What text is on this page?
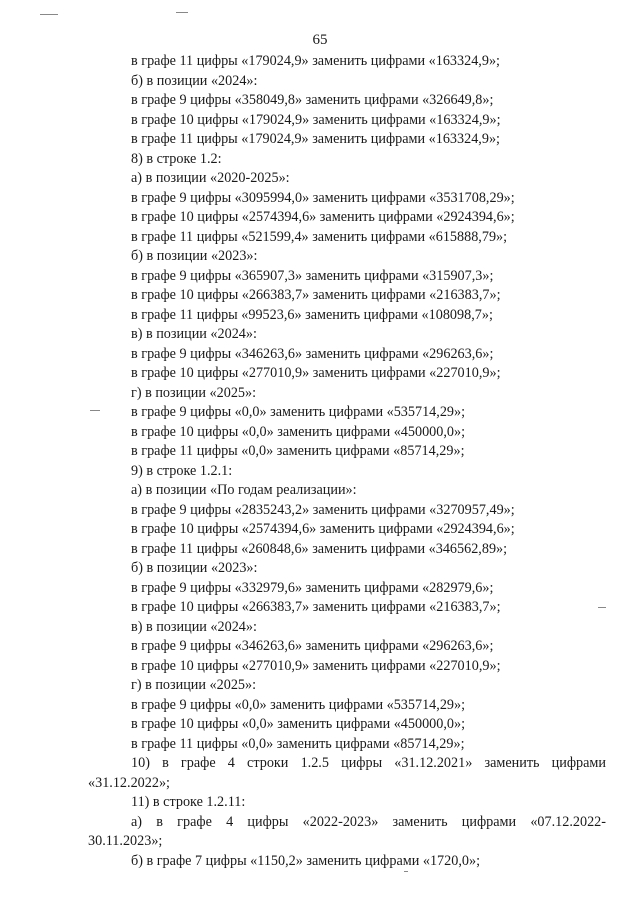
65
в графе 11 цифры «179024,9» заменить цифрами «163324,9»;
б) в позиции «2024»:
в графе 9 цифры «358049,8» заменить цифрами «326649,8»;
в графе 10 цифры «179024,9» заменить цифрами «163324,9»;
в графе 11 цифры «179024,9» заменить цифрами «163324,9»;
8) в строке 1.2:
а) в позиции «2020-2025»:
в графе 9 цифры «3095994,0» заменить цифрами «3531708,29»;
в графе 10 цифры «2574394,6» заменить цифрами «2924394,6»;
в графе 11 цифры «521599,4» заменить цифрами «615888,79»;
б) в позиции «2023»:
в графе 9 цифры «365907,3» заменить цифрами «315907,3»;
в графе 10 цифры «266383,7» заменить цифрами «216383,7»;
в графе 11 цифры «99523,6» заменить цифрами «108098,7»;
в) в позиции «2024»:
в графе 9 цифры «346263,6» заменить цифрами «296263,6»;
в графе 10 цифры «277010,9» заменить цифрами «227010,9»;
г) в позиции «2025»:
в графе 9 цифры «0,0» заменить цифрами «535714,29»;
в графе 10 цифры «0,0» заменить цифрами «450000,0»;
в графе 11 цифры «0,0» заменить цифрами «85714,29»;
9) в строке 1.2.1:
а) в позиции «По годам реализации»:
в графе 9 цифры «2835243,2» заменить цифрами «3270957,49»;
в графе 10 цифры «2574394,6» заменить цифрами «2924394,6»;
в графе 11 цифры «260848,6» заменить цифрами «346562,89»;
б) в позиции «2023»:
в графе 9 цифры «332979,6» заменить цифрами «282979,6»;
в графе 10 цифры «266383,7» заменить цифрами «216383,7»;
в) в позиции «2024»:
в графе 9 цифры «346263,6» заменить цифрами «296263,6»;
в графе 10 цифры «277010,9» заменить цифрами «227010,9»;
г) в позиции «2025»:
в графе 9 цифры «0,0» заменить цифрами «535714,29»;
в графе 10 цифры «0,0» заменить цифрами «450000,0»;
в графе 11 цифры «0,0» заменить цифрами «85714,29»;
10) в графе 4 строки 1.2.5 цифры «31.12.2021» заменить цифрами
«31.12.2022»;
11) в строке 1.2.11:
а) в графе 4 цифры «2022-2023» заменить цифрами «07.12.2022-
30.11.2023»;
б) в графе 7 цифры «1150,2» заменить цифрами «1720,0»;
